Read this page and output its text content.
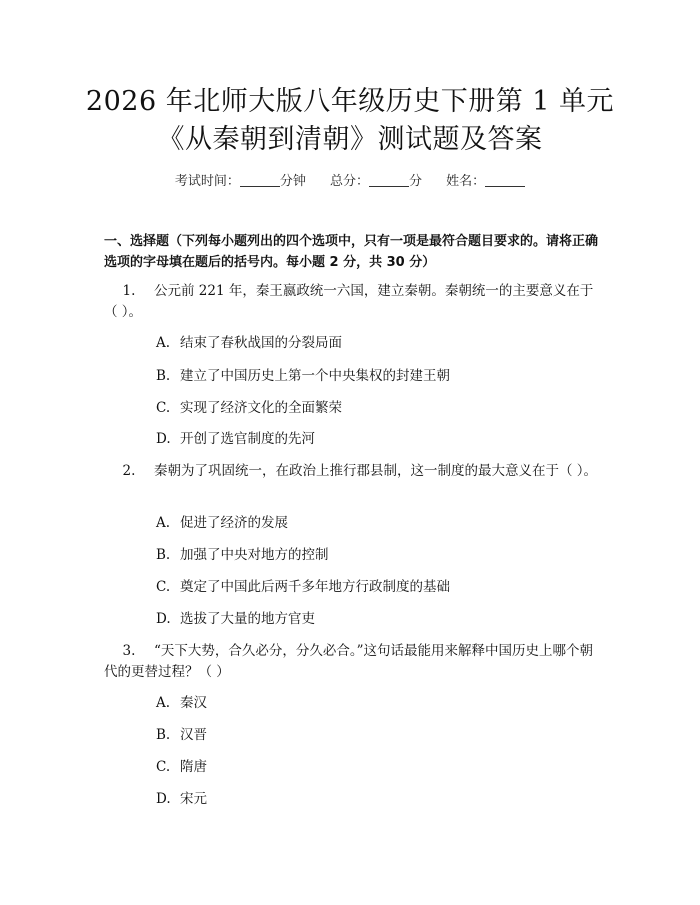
2026 年北师大版八年级历史下册第 1 单元
《从秦朝到清朝》测试题及答案
考试时间：	分钟 总分：	分 姓名：
一、选择题（下列每小题列出的四个选项中，只有一项是最符合题目要求的。请将正确选项的字母填在题后的括号内。每小题 2 分，共 30 分）
1. 公元前 221 年，秦王嬴政统一六国，建立秦朝。秦朝统一的主要意义在于（ ）。
A. 结束了春秋战国的分裂局面
B. 建立了中国历史上第一个中央集权的封建王朝
C. 实现了经济文化的全面繁荣
D. 开创了选官制度的先河
2. 秦朝为了巩固统一，在政治上推行郡县制，这一制度的最大意义在于（ ）。
A. 促进了经济的发展
B. 加强了中央对地方的控制
C. 奠定了中国此后两千多年地方行政制度的基础
D. 选拔了大量的地方官吏
3. “天下大势，合久必分，分久必合。”这句话最能用来解释中国历史上哪个朝代的更替过程？（ ）
A. 秦汉
B. 汉晋
C. 隋唐
D. 宋元
